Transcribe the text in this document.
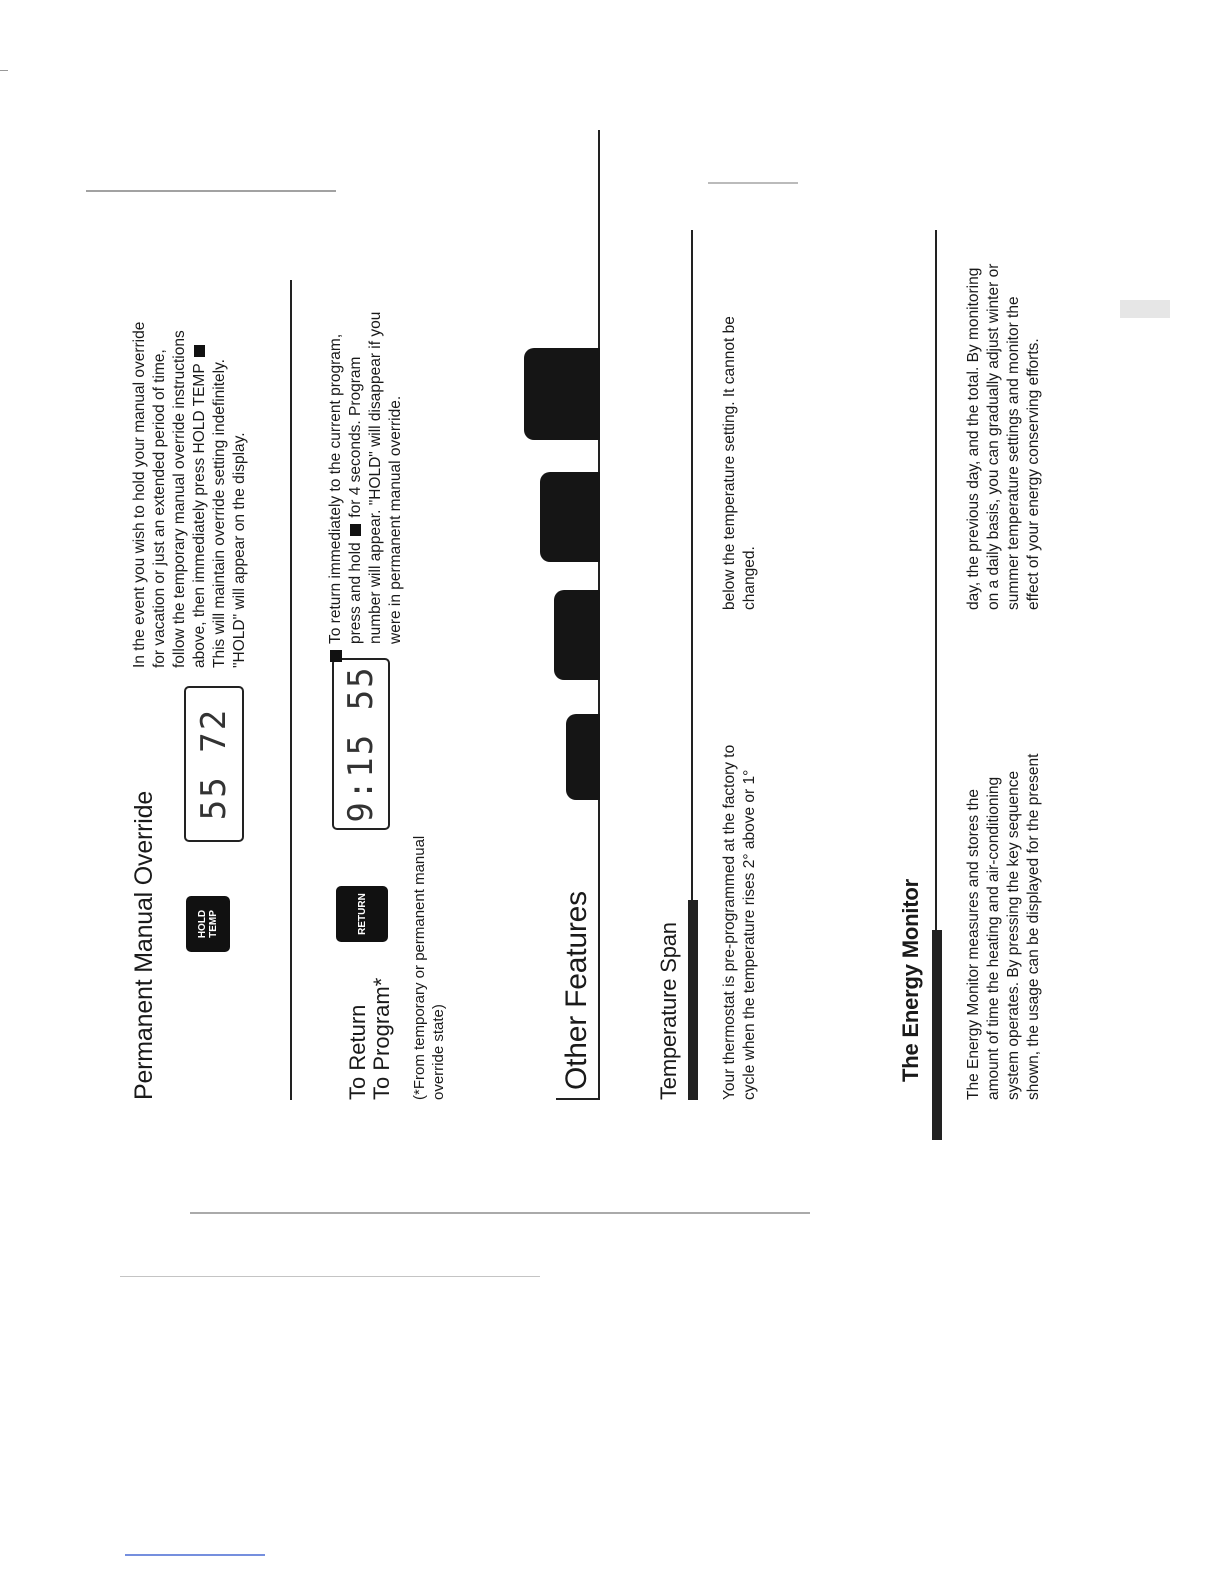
Permanent Manual Override	HOLD TEMP
55 72
In the event you wish to hold your manual override for vacation or just an extended period of time, follow the temporary manual override instructions above, then immediately press HOLD TEMP This will maintain override setting indefinitely. "HOLD" will appear on the display.
To Return To Program* (*From temporary or permanent manual override state)
RETURN
9:15 55
To return immediately to the current program, press and hold  for 4 seconds. Program number will appear. "HOLD" will disappear if you were in permanent manual override.
Other Features	Temperature Span	Your thermostat is pre-programmed at the factory to cycle when the temperature rises 2° above or 1°
below the temperature setting. It cannot be changed.
The Energy Monitor	The Energy Monitor measures and stores the amount of time the heating and air-conditioning system operates. By pressing the key sequence shown, the usage can be displayed for the present
day, the previous day, and the total. By monitoring on a daily basis, you can gradually adjust winter or summer temperature settings and monitor the effect of your energy conserving efforts.
